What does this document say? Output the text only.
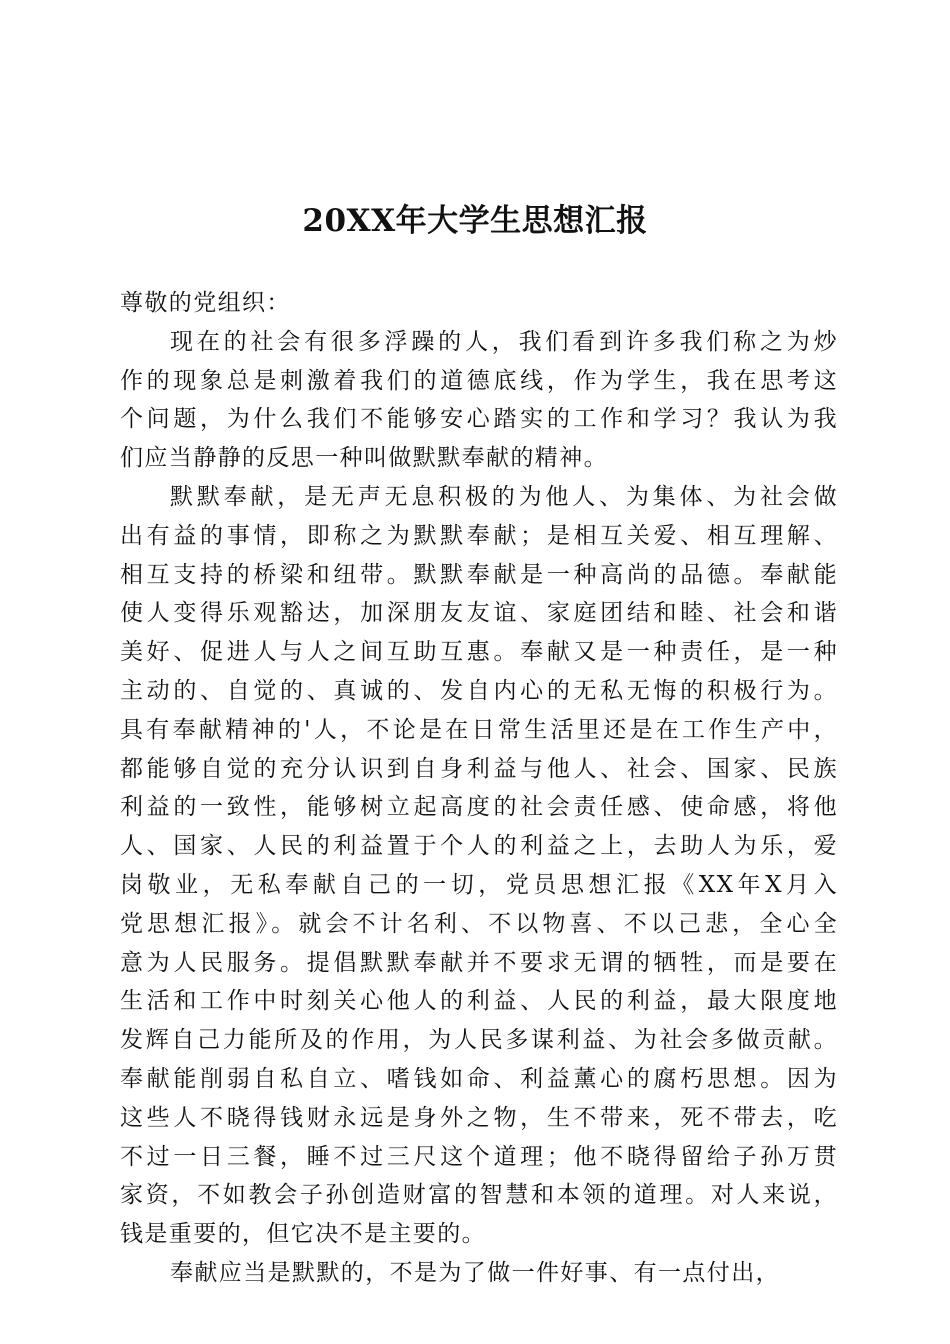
20XX年大学生思想汇报

尊敬的党组织：

现在的社会有很多浮躁的人，我们看到许多我们称之为炒

作的现象总是刺激着我们的道德底线，作为学生，我在思考这

个问题，为什么我们不能够安心踏实的工作和学习？我认为我

们应当静静的反思一种叫做默默奉献的精神。

默默奉献，是无声无息积极的为他人、为集体、为社会做

出有益的事情，即称之为默默奉献；是相互关爱、相互理解、

相互支持的桥梁和纽带。默默奉献是一种高尚的品德。奉献能

使人变得乐观豁达，加深朋友友谊、家庭团结和睦、社会和谐

美好、促进人与人之间互助互惠。奉献又是一种责任，是一种

主动的、自觉的、真诚的、发自内心的无私无悔的积极行为。

具有奉献精神的'人，不论是在日常生活里还是在工作生产中，

都能够自觉的充分认识到自身利益与他人、社会、国家、民族

利益的一致性，能够树立起高度的社会责任感、使命感，将他

人、国家、人民的利益置于个人的利益之上，去助人为乐，爱

岗敬业，无私奉献自己的一切，党员思想汇报《XX年X月入

党思想汇报》。就会不计名利、不以物喜、不以己悲，全心全

意为人民服务。提倡默默奉献并不要求无谓的牺牲，而是要在

生活和工作中时刻关心他人的利益、人民的利益，最大限度地

发辉自己力能所及的作用，为人民多谋利益、为社会多做贡献。

奉献能削弱自私自立、嗜钱如命、利益薰心的腐朽思想。因为

这些人不晓得钱财永远是身外之物，生不带来，死不带去，吃

不过一日三餐，睡不过三尺这个道理；他不晓得留给子孙万贯

家资，不如教会子孙创造财富的智慧和本领的道理。对人来说，

钱是重要的，但它决不是主要的。

奉献应当是默默的，不是为了做一件好事、有一点付出，
